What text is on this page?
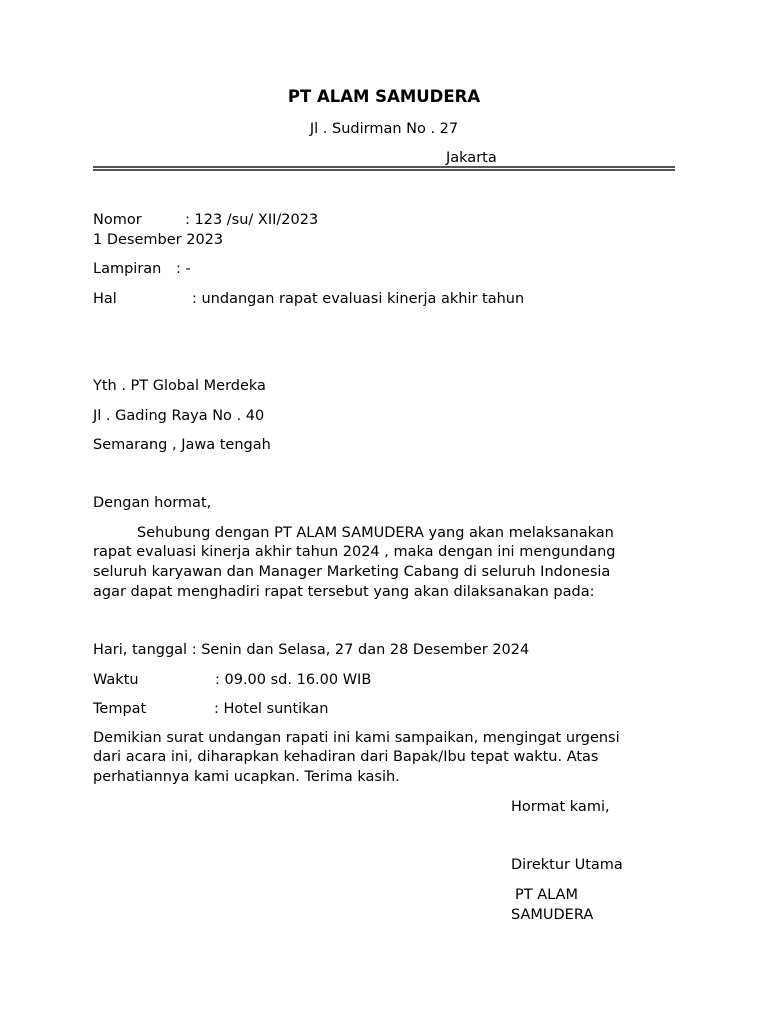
PT ALAM SAMUDERA
Jl . Sudirman No . 27
Jakarta
Nomor	: 123 /su/ XII/2023
1 Desember 2023
Lampiran : -
Hal	: undangan rapat evaluasi kinerja akhir tahun
Yth . PT Global Merdeka
Jl . Gading Raya No . 40
Semarang , Jawa tengah
Dengan hormat,
Sehubung dengan PT ALAM SAMUDERA yang akan melaksanakan
rapat evaluasi kinerja akhir tahun 2024 , maka dengan ini mengundang
seluruh karyawan dan Manager Marketing Cabang di seluruh Indonesia
agar dapat menghadiri rapat tersebut yang akan dilaksanakan pada:
Hari, tanggal : Senin dan Selasa, 27 dan 28 Desember 2024
Waktu	: 09.00 sd. 16.00 WIB
Tempat	: Hotel suntikan
Demikian surat undangan rapati ini kami sampaikan, mengingat urgensi
dari acara ini, diharapkan kehadiran dari Bapak/Ibu tepat waktu. Atas
perhatiannya kami ucapkan. Terima kasih.
Hormat kami,
Direktur Utama
PT ALAM
SAMUDERA
